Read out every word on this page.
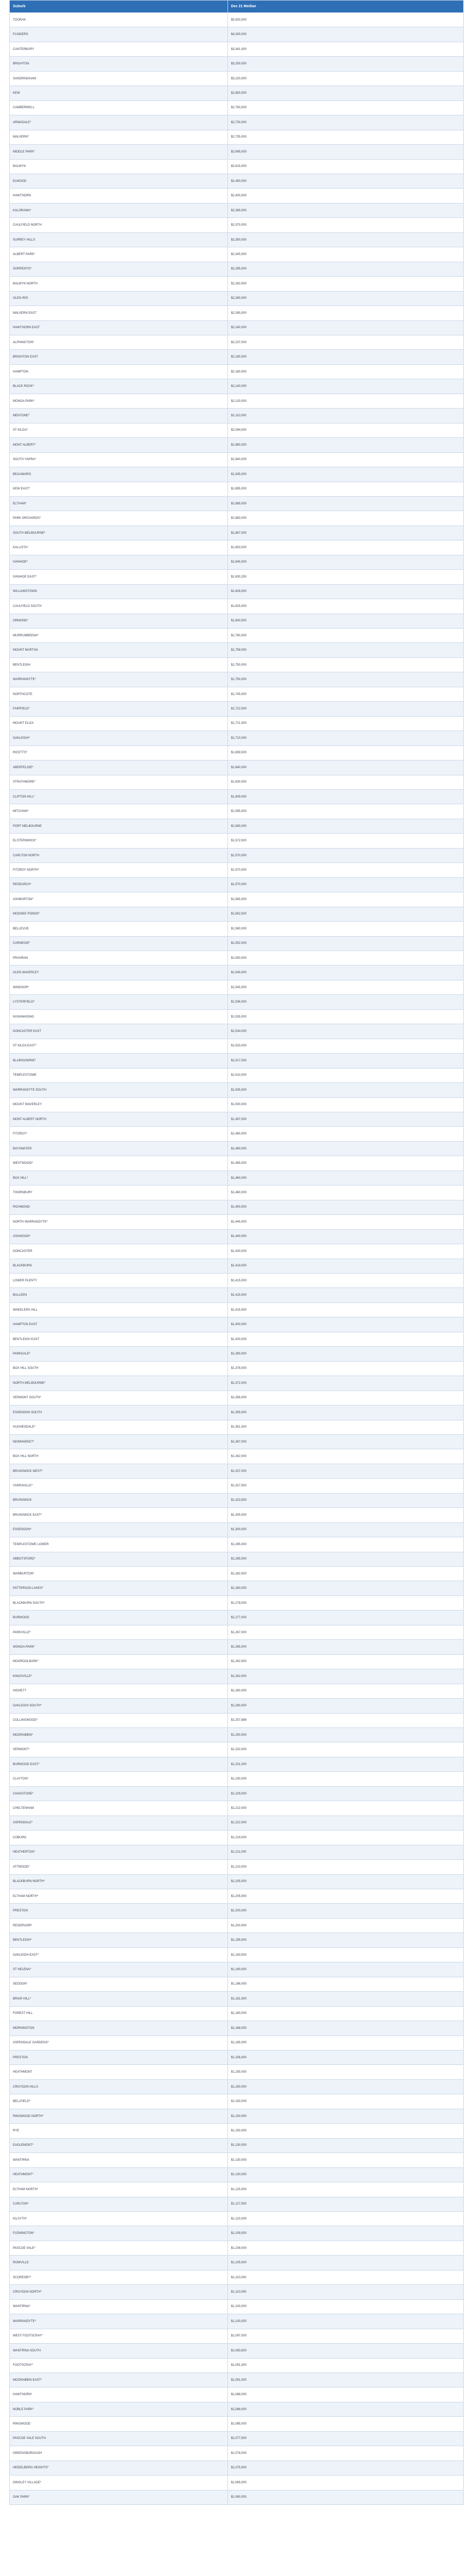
Suburb	Dec 21 Median
TOORAK	$5,500,000
FLINDERS	$4,300,000
CANTERBURY	$3,341,000
BRIGHTON	$3,250,000
SANDRINGHAM	$3,220,000
KEW	$2,850,000
CAMBERWELL	$2,760,000
ARMADALE*	$2,730,000
MALVERN*	$2,735,000
MIDDLE PARK*	$2,685,000
BALWYN	$2,615,000
ELWOOD	$2,450,000
HAWTHORN	$2,400,000
KALORAMA*	$2,385,000
CAULFIELD NORTH	$2,370,000
SURREY HILLS	$2,350,000
ALBERT PARK*	$2,345,000
SORRENTO*	$2,295,000
BALWYN NORTH	$2,282,500
GLEN IRIS	$2,280,000
MALVERN EAST	$2,265,000
HAWTHORN EAST	$2,240,000
ALPHINGTON*	$2,237,000
BRIGHTON EAST	$2,180,000
HAMPTON	$2,180,000
BLACK ROCK*	$2,140,000
MONGA PARK*	$2,120,000
MENTONE*	$2,110,000
ST KILDA*	$2,094,000
MONT ALBERT*	$1,980,000
SOUTH YARRA*	$1,940,000
BEAUMARIS	$1,935,000
KEW EAST*	$1,895,000
ELTHAM*	$1,885,000
PARK ORCHARDS*	$1,883,000
SOUTH MELBOURNE*	$1,867,000
KALLISTA*	$1,853,000
IVANHOE*	$1,845,000
IVANHOE EAST*	$1,830,250
WILLIAMSTOWN	$1,826,000
CAULFIELD SOUTH	$1,825,000
ORMOND*	$1,800,500
MURRUMBEENA*	$1,780,000
MOUNT MARTHA	$1,758,000
BENTLEIGH	$1,750,000
WARRANDYTE*	$1,750,000
NORTHCOTE	$1,745,000
FAIRFIELD*	$1,722,500
MOUNT ELIZA	$1,721,500
OAKLEIGH*	$1,710,000
RICETTS*	$1,659,500
ABERFELDIE*	$1,640,000
STRATHMORE*	$1,630,000
CLIFTON HILL*	$1,609,000
MITCHAM*	$1,595,000
PORT MELBOURNE	$1,580,000
ELSTERNWICK*	$1,572,500
CARLTON NORTH	$1,570,000
FITZROY NORTH*	$1,570,000
RESEARCH*	$1,570,000
ASHBURTON*	$1,565,000
MOONEE PONDS*	$1,562,500
BELLEVUE	$1,560,000
CARNEGIE*	$1,552,000
PRAHRAN	$1,550,000
GLEN WAVERLEY	$1,545,000
WINDSOR*	$1,545,000
LYSTERFIELD*	$1,536,000
NUNAWADING	$1,535,000
DONCASTER EAST	$1,534,000
ST KILDA EAST*	$1,533,000
BLAIRGOWRIE*	$1,517,000
TEMPLESTOWE	$1,510,000
WARRANDYTE SOUTH	$1,505,000
MOUNT WAVERLEY	$1,500,000
MONT ALBERT NORTH	$1,497,000
FITZROY*	$1,480,000
BAYSWATER	$1,480,000
WESTWOOD*	$1,465,000
BOX HILL*	$1,460,000
THORNBURY	$1,460,000
RICHMOND	$1,450,000
NORTH WARRANDYTE*	$1,445,000
ASHWOOD*	$1,440,000
DONCASTER	$1,430,000
BLACKBURN	$1,419,000
LOWER PLENTY	$1,415,000
BULLEEN	$1,415,000
WHEELERS HILL	$1,415,000
HAMPTON EAST	$1,400,000
BENTLEIGH EAST	$1,400,000
PARKDALE*	$1,390,000
BOX HILL SOUTH	$1,376,000
NORTH MELBOURNE*	$1,372,000
VERMONT SOUTH*	$1,356,000
ESSENDON SOUTH	$1,355,000
HUGHESDALE*	$1,351,000
NEWMARKET*	$1,387,000
BOX HILL NORTH	$1,342,000
BRUNSWICK WEST*	$1,337,000
YARRAVILLE*	$1,327,500
BRUNSWICK	$1,323,500
BRUNSWICK EAST*	$1,305,000
ESSENDON*	$1,300,000
TEMPLESTOWE LOWER	$1,285,000
ABBOTSFORD*	$1,285,000
WARBURTON*	$1,282,500
PATTERSON LAKES*	$1,280,000
BLACKBURN SOUTH*	$1,278,000
BURWOOD	$1,277,000
PARKVILLE*	$1,267,000
WONGA PARK*	$1,265,000
MOOROOLBARK*	$1,262,500
KINGSVILLE*	$1,262,000
HIGHETT	$1,260,000
OAKLEIGH SOUTH*	$1,260,000
COLLINGWOOD*	$1,257,888
MOORABBIN*	$1,250,000
VERMONT*	$1,232,000
BURWOOD EAST*	$1,231,000
CLAYTON*	$1,230,000
CHADSTONE*	$1,229,000
CHELTENHAM	$1,222,000
ASPENDALE*	$1,222,000
COBURG	$1,219,000
HEATHERTON*	$1,211,000
ATTWOOD*	$1,210,000
BLACKBURN NORTH*	$1,205,000
ELTHAM NORTH*	$1,205,000
PRESTON	$1,200,000
RESERVOIR*	$1,200,000
BENTLEIGH*	$1,195,000
OAKLEIGH EAST*	$1,193,500
ST HELENA*	$1,190,000
SEDDON*	$1,186,000
BRIAR HILL*	$1,181,500
FOREST HILL	$1,180,000
MORNINGTON	$1,168,000
ASPENDALE GARDENS*	$1,165,000
PRESTON	$1,156,000
HEATHMONT	$1,155,000
CROYDON HILLS	$1,150,000
BELLFIELD*	$1,150,000
RINGWOOD NORTH*	$1,150,000
RYE	$1,150,000
EAGLEMONT*	$1,130,000
WANTIRNA	$1,130,000
HEATHMONT*	$1,130,000
ELTHAM NORTH*	$1,125,000
CARLTON*	$1,127,500
KILSYTH*	$1,120,000
FLEMINGTON*	$1,109,000
PASCOE VALE*	$1,108,000
ROWVILLE	$1,105,000
SCORESBY*	$1,110,000
CROYDON NORTH*	$1,110,000
WANTIRNA*	$1,100,000
WARRANDYTE*	$1,100,000
WEST FOOTSCRAY*	$1,097,000
WANTIRNA SOUTH	$1,093,500
FOOTSCRAY*	$1,091,000
MOORABBIN EAST*	$1,091,000
HAWTHORN*	$1,088,000
NOBLE PARK*	$1,088,000
RINGWOOD	$1,085,000
PASCOE VALE SOUTH	$1,077,500
GREENSBOROUGH	$1,076,000
HEIDELBERG HEIGHTS*	$1,075,000
DINGLEY VILLAGE*	$1,065,000
OAK PARK*	$1,060,000
